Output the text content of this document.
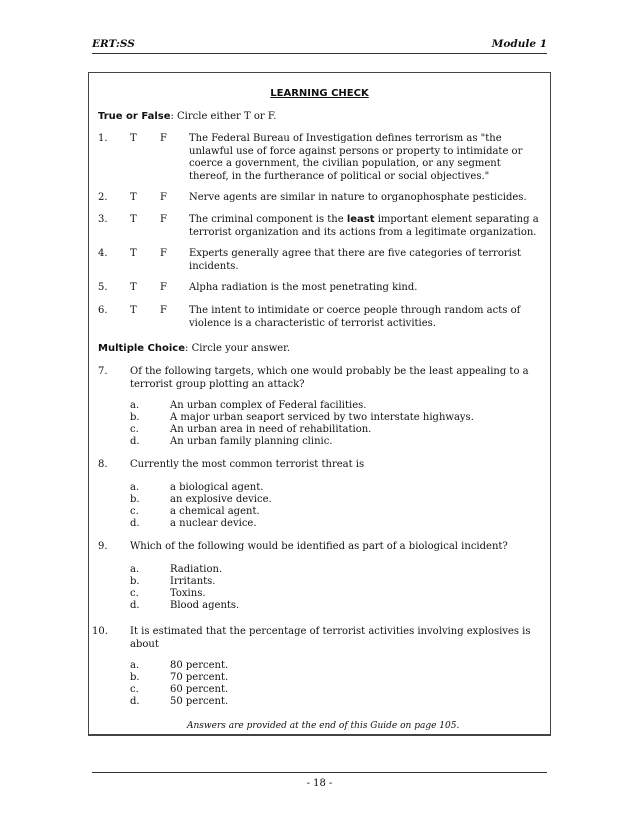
ERT:SS	Module 1
LEARNING CHECK
True or False: Circle either T or F.
1. T F The Federal Bureau of Investigation defines terrorism as "the unlawful use of force against persons or property to intimidate or coerce a government, the civilian population, or any segment thereof, in the furtherance of political or social objectives."
2. T F Nerve agents are similar in nature to organophosphate pesticides.
3. T F The criminal component is the least important element separating a terrorist organization and its actions from a legitimate organization.
4. T F Experts generally agree that there are five categories of terrorist incidents.
5. T F Alpha radiation is the most penetrating kind.
6. T F The intent to intimidate or coerce people through random acts of violence is a characteristic of terrorist activities.
Multiple Choice: Circle your answer.
7. Of the following targets, which one would probably be the least appealing to a terrorist group plotting an attack?
a.	An urban complex of Federal facilities.
b.	A major urban seaport serviced by two interstate highways.
c.	An urban area in need of rehabilitation.
d.	An urban family planning clinic.
8. Currently the most common terrorist threat is
a.	a biological agent.
b.	an explosive device.
c.	a chemical agent.
d.	a nuclear device.
9. Which of the following would be identified as part of a biological incident?
a.	Radiation.
b.	Irritants.
c.	Toxins.
d.	Blood agents.
10. It is estimated that the percentage of terrorist activities involving explosives is about
a.	80 percent.
b.	70 percent.
c.	60 percent.
d.	50 percent.
Answers are provided at the end of this Guide on page 105.
- 18 -
